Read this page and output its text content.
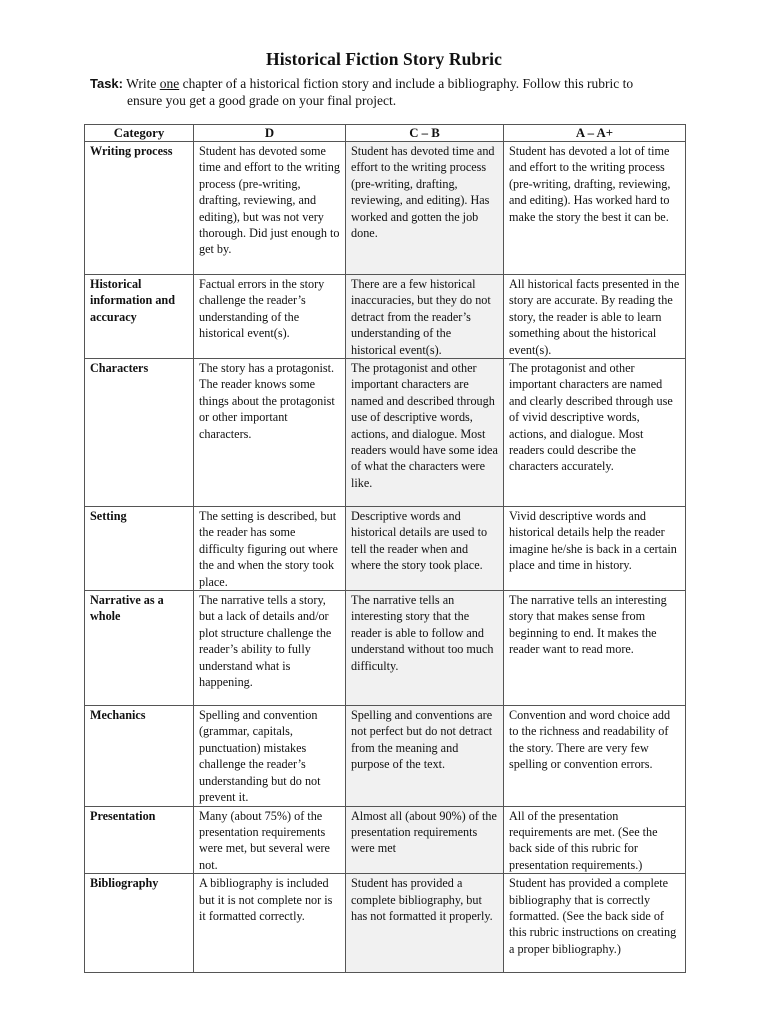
Historical Fiction Story Rubric
Task: Write one chapter of a historical fiction story and include a bibliography. Follow this rubric to
ensure you get a good grade on your final project.
Category	D	C – B	A – A+
Writing process	Student has devoted some time and effort to the writing process (pre-writing, drafting, reviewing, and editing), but was not very thorough. Did just enough to get by.	Student has devoted time and effort to the writing process (pre-writing, drafting, reviewing, and editing). Has worked and gotten the job done.	Student has devoted a lot of time and effort to the writing process (pre-writing, drafting, reviewing, and editing). Has worked hard to make the story the best it can be.
Historical information and accuracy	Factual errors in the story challenge the reader’s understanding of the historical event(s).	There are a few historical inaccuracies, but they do not detract from the reader’s understanding of the historical event(s).	All historical facts presented in the story are accurate. By reading the story, the reader is able to learn something about the historical event(s).
Characters	The story has a protagonist. The reader knows some things about the protagonist or other important characters.	The protagonist and other important characters are named and described through use of descriptive words, actions, and dialogue. Most readers would have some idea of what the characters were like.	The protagonist and other important characters are named and clearly described through use of vivid descriptive words, actions, and dialogue. Most readers could describe the characters accurately.
Setting	The setting is described, but the reader has some difficulty figuring out where the and when the story took place.	Descriptive words and historical details are used to tell the reader when and where the story took place.	Vivid descriptive words and historical details help the reader imagine he/she is back in a certain place and time in history.
Narrative as a whole	The narrative tells a story, but a lack of details and/or plot structure challenge the reader’s ability to fully understand what is happening.	The narrative tells an interesting story that the reader is able to follow and understand without too much difficulty.	The narrative tells an interesting story that makes sense from beginning to end. It makes the reader want to read more.
Mechanics	Spelling and convention (grammar, capitals, punctuation) mistakes challenge the reader’s understanding but do not prevent it.	Spelling and conventions are not perfect but do not detract from the meaning and purpose of the text.	Convention and word choice add to the richness and readability of the story. There are very few spelling or convention errors.
Presentation	Many (about 75%) of the presentation requirements were met, but several were not.	Almost all (about 90%) of the presentation requirements were met	All of the presentation requirements are met. (See the back side of this rubric for presentation requirements.)
Bibliography	A bibliography is included but it is not complete nor is it formatted correctly.	Student has provided a complete bibliography, but has not formatted it properly.	Student has provided a complete bibliography that is correctly formatted. (See the back side of this rubric instructions on creating a proper bibliography.)
